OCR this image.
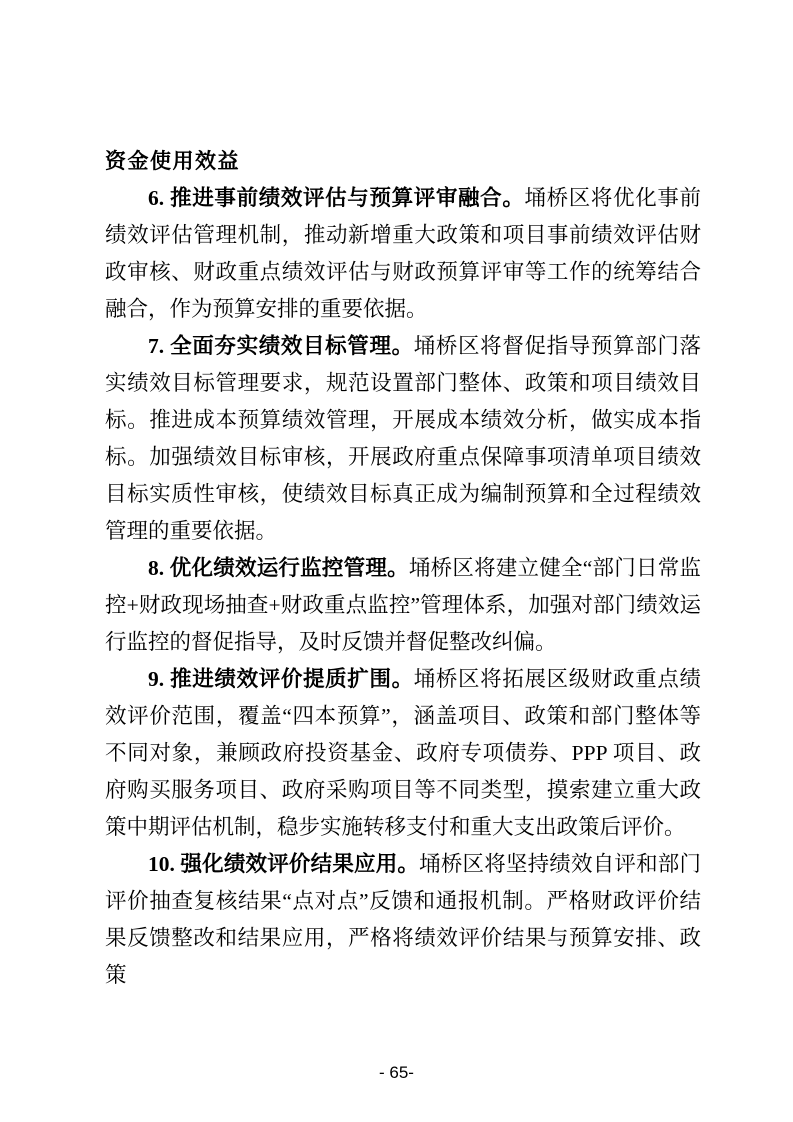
资金使用效益

6. 推进事前绩效评估与预算评审融合。埇桥区将优化事前绩效评估管理机制，推动新增重大政策和项目事前绩效评估财政审核、财政重点绩效评估与财政预算评审等工作的统筹结合融合，作为预算安排的重要依据。

7. 全面夯实绩效目标管理。埇桥区将督促指导预算部门落实绩效目标管理要求，规范设置部门整体、政策和项目绩效目标。推进成本预算绩效管理，开展成本绩效分析，做实成本指标。加强绩效目标审核，开展政府重点保障事项清单项目绩效目标实质性审核，使绩效目标真正成为编制预算和全过程绩效管理的重要依据。

8. 优化绩效运行监控管理。埇桥区将建立健全“部门日常监控+财政现场抽查+财政重点监控”管理体系，加强对部门绩效运行监控的督促指导，及时反馈并督促整改纠偏。

9. 推进绩效评价提质扩围。埇桥区将拓展区级财政重点绩效评价范围，覆盖“四本预算”，涵盖项目、政策和部门整体等不同对象，兼顾政府投资基金、政府专项债券、PPP 项目、政府购买服务项目、政府采购项目等不同类型，摸索建立重大政策中期评估机制，稳步实施转移支付和重大支出政策后评价。

10. 强化绩效评价结果应用。埇桥区将坚持绩效自评和部门评价抽查复核结果“点对点”反馈和通报机制。严格财政评价结果反馈整改和结果应用，严格将绩效评价结果与预算安排、政策

- 65-
